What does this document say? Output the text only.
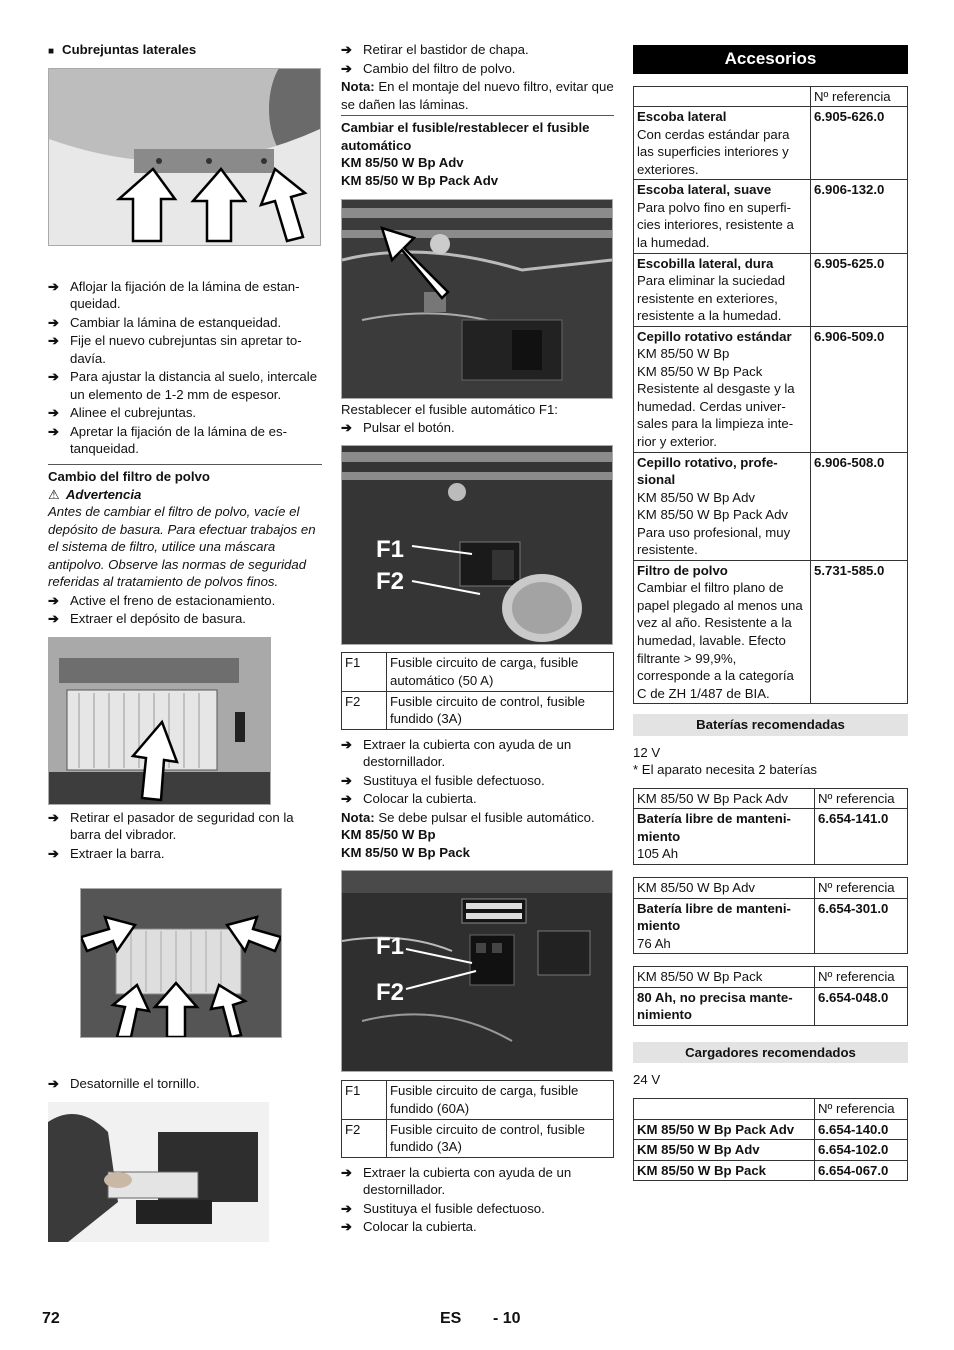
■ Cubrejuntas laterales
➔ Aflojar la fijación de la lámina de estanqueidad.
➔ Cambiar la lámina de estanqueidad.
➔ Fije el nuevo cubrejuntas sin apretar todavía.
➔ Para ajustar la distancia al suelo, intercale un elemento de 1-2 mm de espesor.
➔ Alinee el cubrejuntas.
➔ Apretar la fijación de la lámina de estanqueidad.
Cambio del filtro de polvo
⚠ Advertencia
Antes de cambiar el filtro de polvo, vacíe el depósito de basura. Para efectuar trabajos en el sistema de filtro, utilice una máscara antipolvo. Observe las normas de seguridad referidas al tratamiento de polvos finos.
➔ Active el freno de estacionamiento.
➔ Extraer el depósito de basura.
➔ Retirar el pasador de seguridad con la barra del vibrador.
➔ Extraer la barra.
➔ Desatornille el tornillo.
➔ Retirar el bastidor de chapa.
➔ Cambio del filtro de polvo.
Nota: En el montaje del nuevo filtro, evitar que se dañen las láminas.
Cambiar el fusible/restablecer el fusible automático
KM 85/50 W Bp Adv
KM 85/50 W Bp Pack Adv
Restablecer el fusible automático F1:
➔ Pulsar el botón.
F1
F2
F1	Fusible circuito de carga, fusible automático (50 A)
F2	Fusible circuito de control, fusible fundido (3A)
➔ Extraer la cubierta con ayuda de un destornillador.
➔ Sustituya el fusible defectuoso.
➔ Colocar la cubierta.
Nota: Se debe pulsar el fusible automático.
KM 85/50 W Bp
KM 85/50 W Bp Pack
F1
F2
F1	Fusible circuito de carga, fusible fundido (60A)
F2	Fusible circuito de control, fusible fundido (3A)
➔ Extraer la cubierta con ayuda de un destornillador.
➔ Sustituya el fusible defectuoso.
➔ Colocar la cubierta.
Accesorios
	Nº referencia

Escoba lateral
Con cerdas estándar para las superficies interiores y exteriores.	6.905-626.0

Escoba lateral, suave
Para polvo fino en superficies interiores, resistente a la humedad.	6.906-132.0

Escobilla lateral, dura
Para eliminar la suciedad resistente en exteriores, resistente a la humedad.	6.905-625.0

Cepillo rotativo estándar
KM 85/50 W Bp
KM 85/50 W Bp Pack
Resistente al desgaste y la humedad. Cerdas universales para la limpieza interior y exterior.	6.906-509.0

Cepillo rotativo, profesional
KM 85/50 W Bp Adv
KM 85/50 W Bp Pack Adv
Para uso profesional, muy resistente.	6.906-508.0

Filtro de polvo
Cambiar el filtro plano de papel plegado al menos una vez al año. Resistente a la humedad, lavable. Efecto filtrante > 99,9%, corresponde a la categoría C de ZH 1/487 de BIA.	5.731-585.0
Baterías recomendadas
12 V
* El aparato necesita 2 baterías
KM 85/50 W Bp Pack Adv	Nº referencia

Batería libre de mantenimiento
105 Ah	6.654-141.0
KM 85/50 W Bp Adv	Nº referencia

Batería libre de mantenimiento
76 Ah	6.654-301.0
KM 85/50 W Bp Pack	Nº referencia
80 Ah, no precisa mantenimiento	6.654-048.0
Cargadores recomendados
24 V
	Nº referencia
KM 85/50 W Bp Pack Adv	6.654-140.0
KM 85/50 W Bp Adv	6.654-102.0
KM 85/50 W Bp Pack	6.654-067.0
72	ES - 10
